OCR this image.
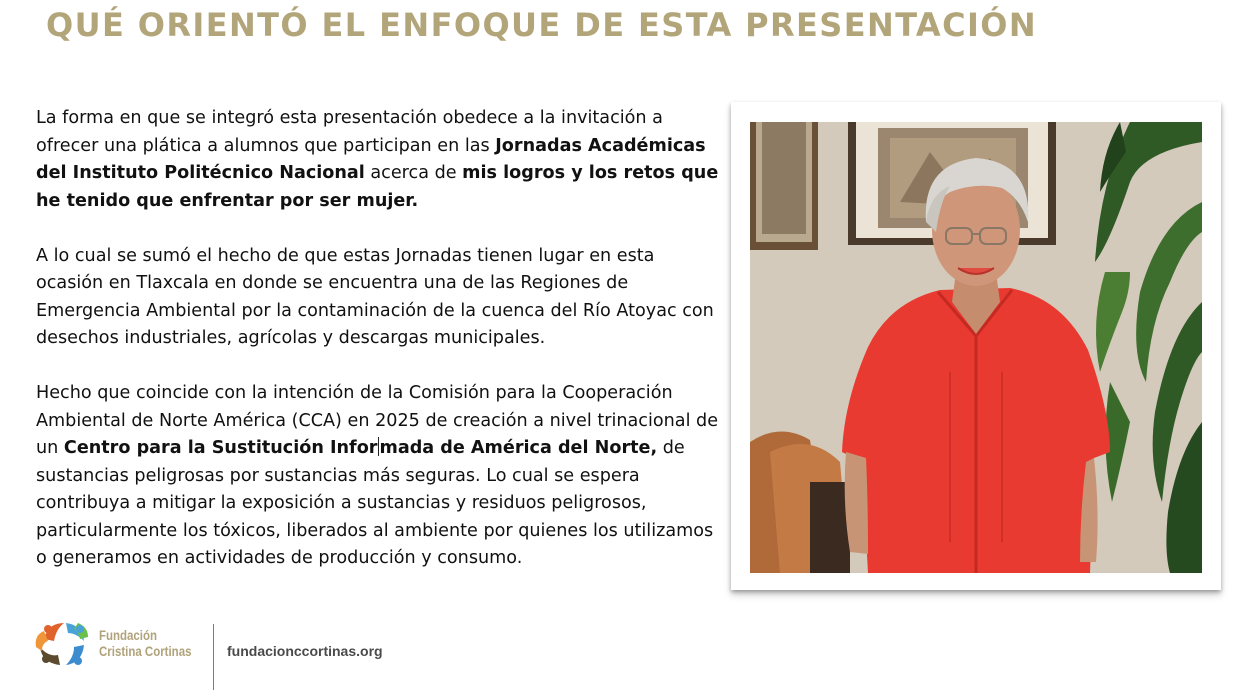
QUÉ ORIENTÓ EL ENFOQUE DE ESTA PRESENTACIÓN

La forma en que se integró esta presentación obedece a la invitación a ofrecer una plática a alumnos que participan en las Jornadas Académicas del Instituto Politécnico Nacional acerca de mis logros y los retos que he tenido que enfrentar por ser mujer.

A lo cual se sumó el hecho de que estas Jornadas tienen lugar en esta ocasión en Tlaxcala en donde se encuentra una de las Regiones de Emergencia Ambiental por la contaminación de la cuenca del Río Atoyac con desechos industriales, agrícolas y descargas municipales.

Hecho que coincide con la intención de la Comisión para la Cooperación Ambiental de Norte América (CCA) en 2025 de creación a nivel trinacional de un Centro para la Sustitución Infor mada de América del Norte, de sustancias peligrosas por sustancias más seguras. Lo cual se espera contribuya a mitigar la exposición a sustancias y residuos peligrosos, particularmente los tóxicos, liberados al ambiente por quienes los utilizamos o generamos en actividades de producción y consumo.

Fundación
Cristina Cortinas	fundacionccortinas.org
